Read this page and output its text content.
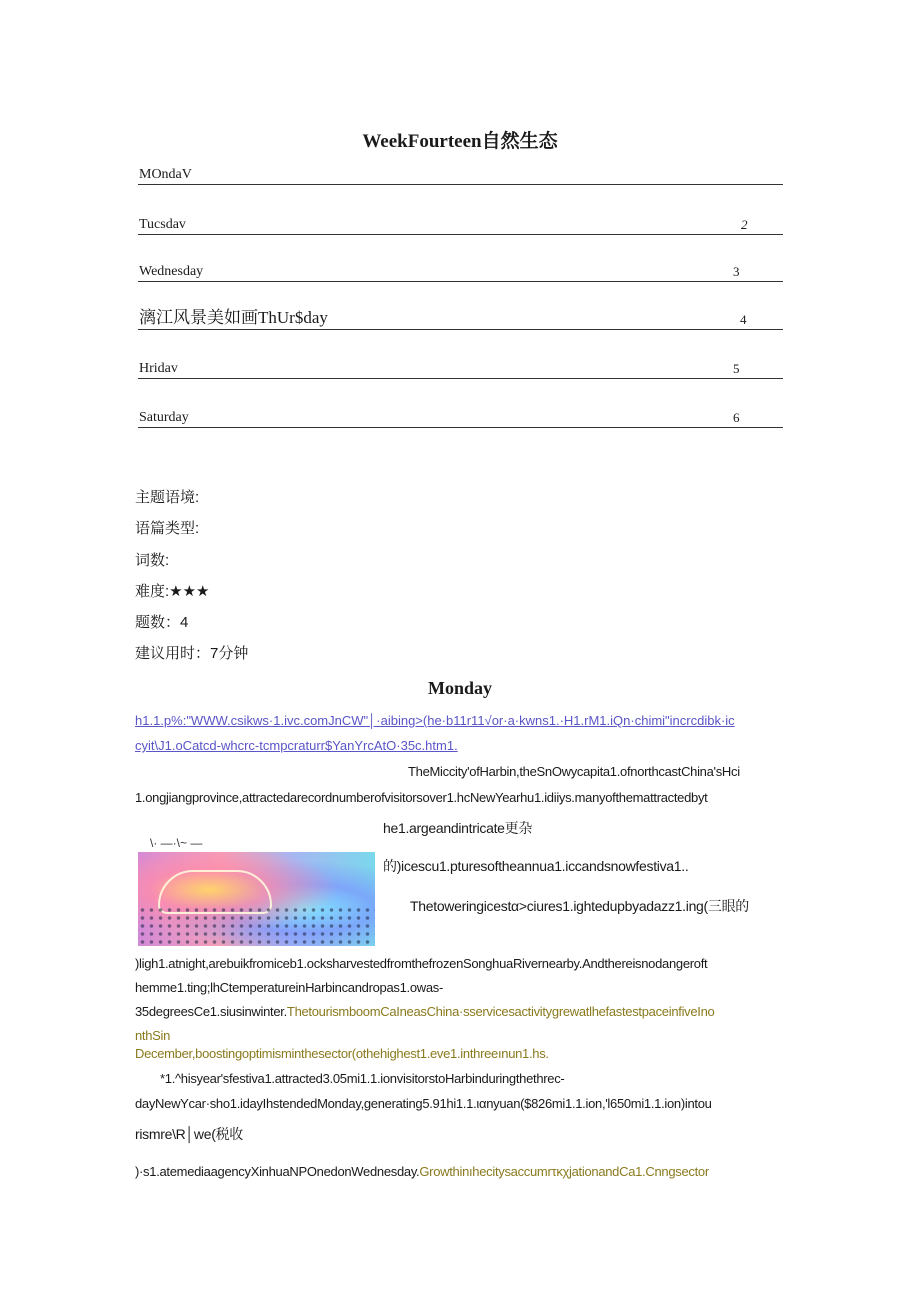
WeekFourteen自然生态
MOndaV
Tucsdav	2
Wednesday	3
漓江风景美如画ThUr$day	4
Hridav	5
Saturday	6
主题语境:
语篇类型:
词数:
难度:★★★
题数：4
建议用时：7分钟
Monday
h1.1.p%:"WWW.csikws·1.ivc.comJnCW"│·aibing>(he·b11r11√or·a·kwns1.·H1.rM1.iQn·chimi"incrcdibk·ic
cyit\J1.oCatcd-whcrc-tcmpcraturr$YanYrcAtO·35c.htm1.
TheMiccity'ofHarbin,theSnOwycapita1.ofnorthcastChina'sHci
1.ongjiangprovince,attractedarecordnumberofvisitorsover1.hcNewYearhu1.idiiys.manyofthemattractedbyt
he1.argeandintricate更杂
\· —·\~ —
的)icescu1.pturesoftheannua1.iccandsnowfestiva1..
Thetoweringicestα>ciures1.ightedupbyadazz1.ing(三眼的
)ligh1.atnight,arebuikfromiceb1.ocksharvestedfromthefrozenSonghuaRivernearby.Andthereisnodangeroft
hemme1.ting;lhCtemperatureinHarbincandropas1.owas-
35degreesCe1.siusinwinter.ThetourismboomCaInea‌sChina·sservicesactivitygrewatlhefastestpaceinfiveIno
nthSin
December,boostingoptimisminthesector(othehighest1.eve1.inthreeınun1.hs.
*1.^hisyear'sfestiva1.attracted3.05mi1.1.ionvisitorstoHarbinduringthethrec-
dayNewYcar·sho1.idayIhstendedMonday,generating5.91hi1.1.ιαnyuan($826mi1.1.ion,'l650mi1.1.ion)intou
rismre\R│we(税收
)·s1.atemediaagencyXinhuaNPOnedonWednesday.GrowthinıhecitysaccumrτκχjationandCa1.Cnngsector
